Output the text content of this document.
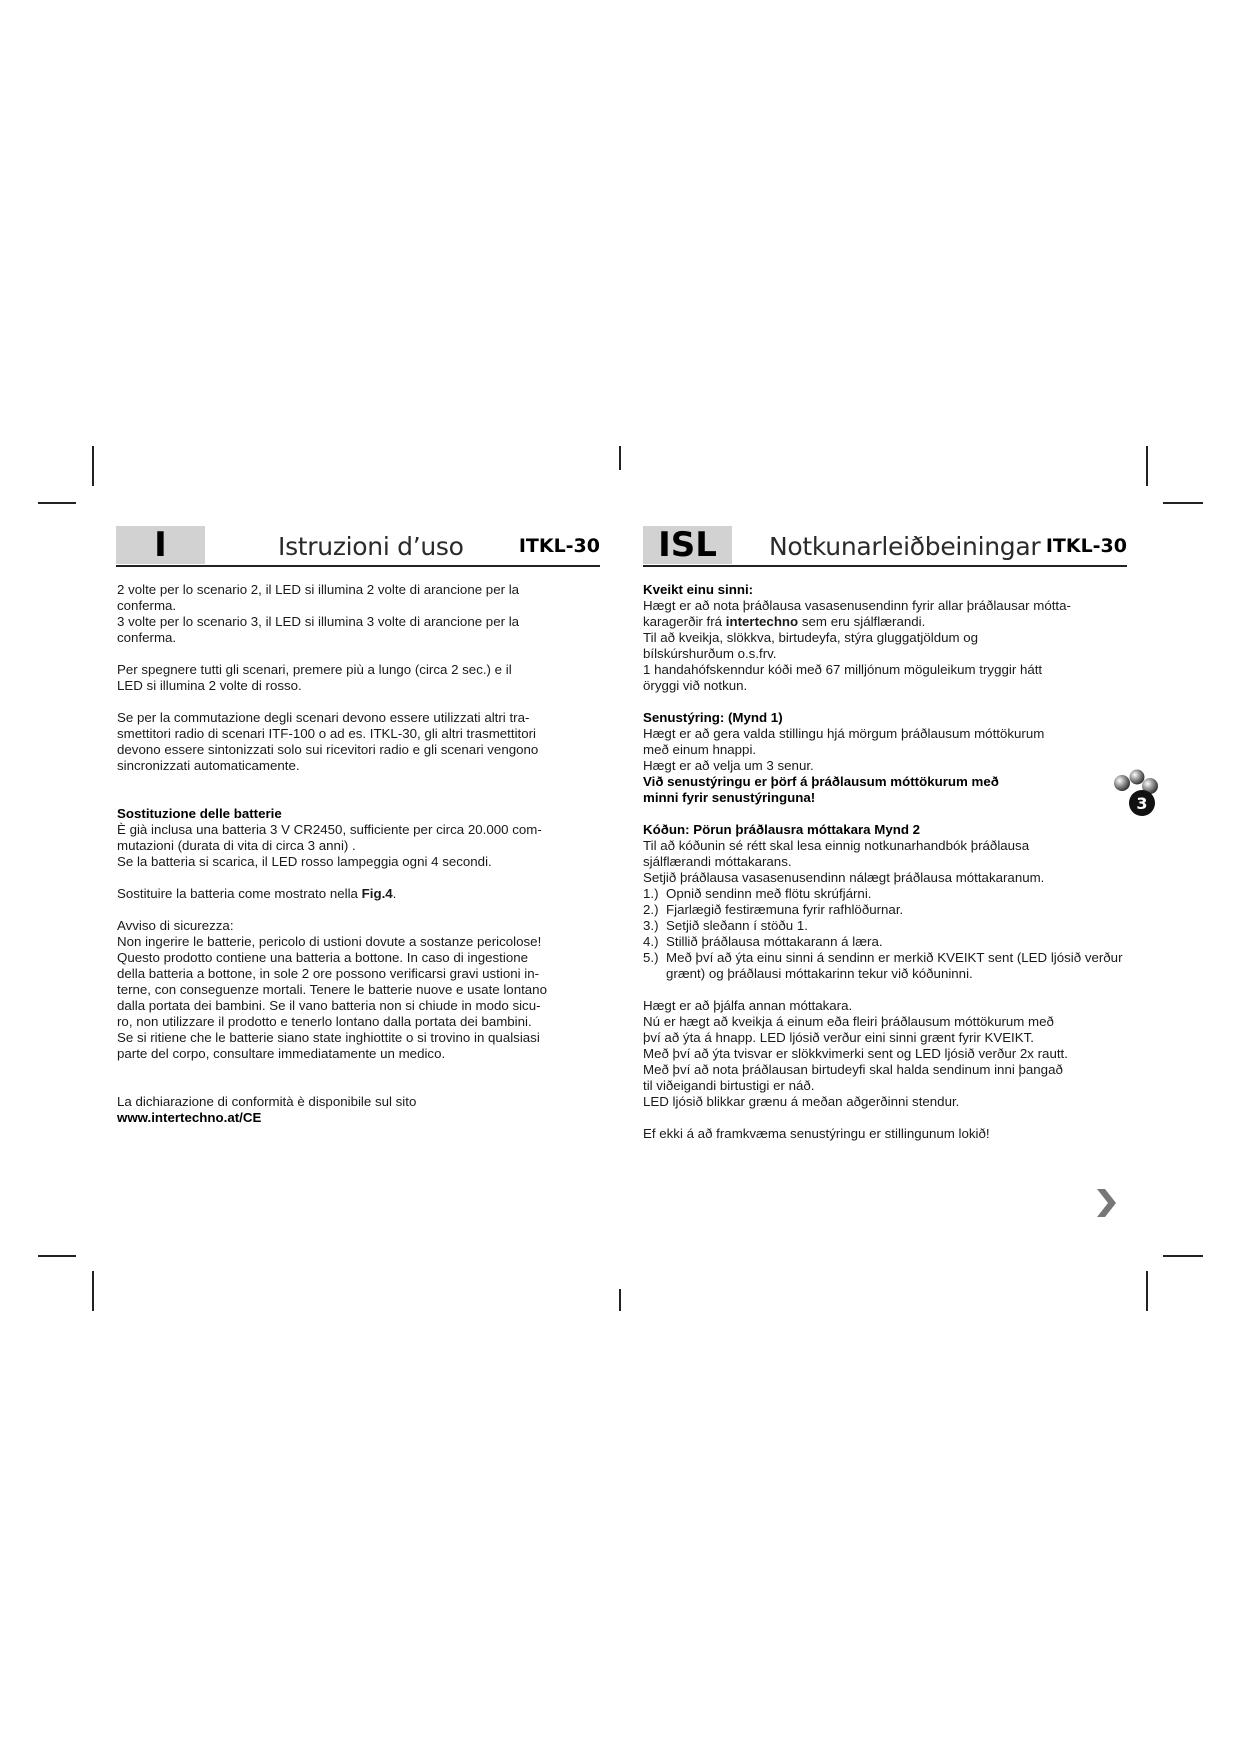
I	Istruzioni d’uso	ITKL-30	ISL	Notkunarleiðbeiningar ITKL-30

2 volte per lo scenario 2, il LED si illumina 2 volte di arancione per la

conferma.

3 volte per lo scenario 3, il LED si illumina 3 volte di arancione per la

conferma.

Per spegnere tutti gli scenari, premere più a lungo (circa 2 sec.) e il

LED si illumina 2 volte di rosso.

Se per la commutazione degli scenari devono essere utilizzati altri tra-

smettitori radio di scenari ITF-100 o ad es. ITKL-30, gli altri trasmettitori

devono essere sintonizzati solo sui ricevitori radio e gli scenari vengono

sincronizzati automaticamente.

Sostituzione delle batterie

È già inclusa una batteria 3 V CR2450, sufficiente per circa 20.000 com-

mutazioni (durata di vita di circa 3 anni) .

Se la batteria si scarica, il LED rosso lampeggia ogni 4 secondi.

Sostituire la batteria come mostrato nella Fig.4.

Avviso di sicurezza:

Non ingerire le batterie, pericolo di ustioni dovute a sostanze pericolose!

Questo prodotto contiene una batteria a bottone. In caso di ingestione

della batteria a bottone, in sole 2 ore possono verificarsi gravi ustioni in-

terne, con conseguenze mortali. Tenere le batterie nuove e usate lontano

dalla portata dei bambini. Se il vano batteria non si chiude in modo sicu-

ro, non utilizzare il prodotto e tenerlo lontano dalla portata dei bambini.

Se si ritiene che le batterie siano state inghiottite o si trovino in qualsiasi

parte del corpo, consultare immediatamente un medico.

La dichiarazione di conformità è disponibile sul sito

www.intertechno.at/CE

Kveikt einu sinni:

Hægt er að nota þráðlausa vasasenusendinn fyrir allar þráðlausar mótta-

karagerðir frá intertechno sem eru sjálflærandi.

Til að kveikja, slökkva, birtudeyfa, stýra gluggatjöldum og

bílskúrshurðum o.s.frv.

1 handahófskenndur kóði með 67 milljónum möguleikum tryggir hátt

öryggi við notkun.

Senustýring: (Mynd 1)

Hægt er að gera valda stillingu hjá mörgum þráðlausum móttökurum

með einum hnappi.

Hægt er að velja um 3 senur.

Við senustýringu er þörf á þráðlausum móttökurum með

minni fyrir senustýringuna!

Kóðun: Pörun þráðlausra móttakara Mynd 2

Til að kóðunin sé rétt skal lesa einnig notkunarhandbók þráðlausa

sjálflærandi móttakarans.

Setjið þráðlausa vasasenusendinn nálægt þráðlausa móttakaranum.

1.) Opnið sendinn með flötu skrúfjárni.
2.) Fjarlægið festiræmuna fyrir rafhlöðurnar.
3.) Setjið sleðann í stöðu 1.
4.) Stillið þráðlausa móttakarann á læra.
5.) Með því að ýta einu sinni á sendinn er merkið KVEIKT sent (LED ljósið verður grænt) og þráðlausi móttakarinn tekur við kóðuninni.

Hægt er að þjálfa annan móttakara.

Nú er hægt að kveikja á einum eða fleiri þráðlausum móttökurum með

því að ýta á hnapp. LED ljósið verður eini sinni grænt fyrir KVEIKT.

Með því að ýta tvisvar er slökkvimerki sent og LED ljósið verður 2x rautt.

Með því að nota þráðlausan birtudeyfi skal halda sendinum inni þangað

til viðeigandi birtustigi er náð.

LED ljósið blikkar grænu á meðan aðgerðinni stendur.

Ef ekki á að framkvæma senustýringu er stillingunum lokið!

3
